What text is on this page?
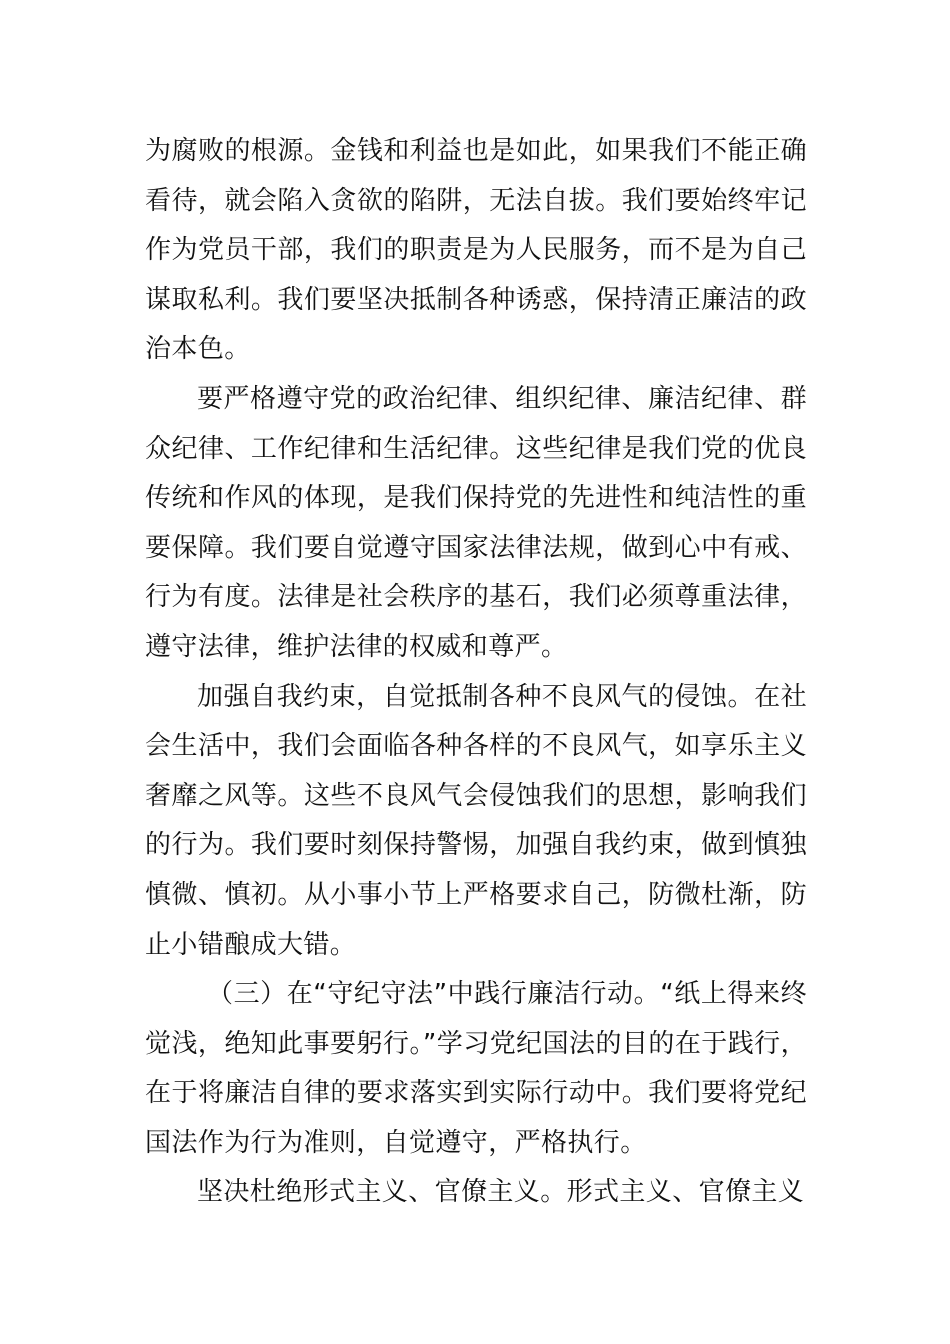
为腐败的根源。金钱和利益也是如此，如果我们不能正确看待，就会陷入贪欲的陷阱，无法自拔。我们要始终牢记作为党员干部，我们的职责是为人民服务，而不是为自己谋取私利。我们要坚决抵制各种诱惑，保持清正廉洁的政治本色。

要严格遵守党的政治纪律、组织纪律、廉洁纪律、群众纪律、工作纪律和生活纪律。这些纪律是我们党的优良传统和作风的体现，是我们保持党的先进性和纯洁性的重要保障。我们要自觉遵守国家法律法规，做到心中有戒、行为有度。法律是社会秩序的基石，我们必须尊重法律，遵守法律，维护法律的权威和尊严。

加强自我约束，自觉抵制各种不良风气的侵蚀。在社会生活中，我们会面临各种各样的不良风气，如享乐主义奢靡之风等。这些不良风气会侵蚀我们的思想，影响我们的行为。我们要时刻保持警惕，加强自我约束，做到慎独慎微、慎初。从小事小节上严格要求自己，防微杜渐，防止小错酿成大错。

（三）在“守纪守法”中践行廉洁行动。“纸上得来终觉浅，绝知此事要躬行。”学习党纪国法的目的在于践行，在于将廉洁自律的要求落实到实际行动中。我们要将党纪国法作为行为准则，自觉遵守，严格执行。

坚决杜绝形式主义、官僚主义。形式主义、官僚主义
